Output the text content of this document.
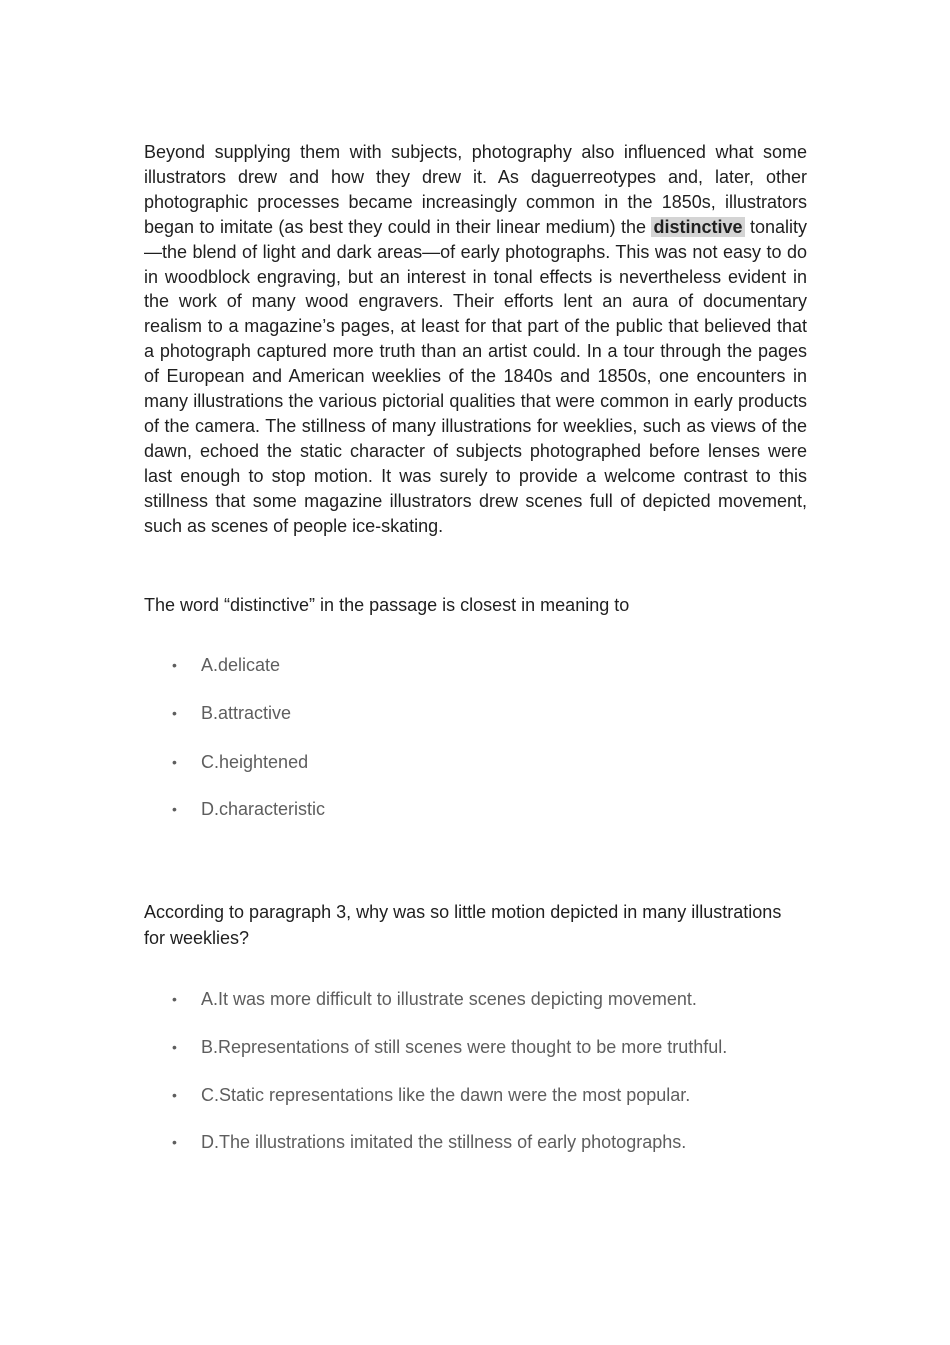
Beyond supplying them with subjects, photography also influenced what some illustrators drew and how they drew it. As daguerreotypes and, later, other photographic processes became increasingly common in the 1850s, illustrators began to imitate (as best they could in their linear medium) the distinctive tonality—the blend of light and dark areas—of early photographs. This was not easy to do in woodblock engraving, but an interest in tonal effects is nevertheless evident in the work of many wood engravers. Their efforts lent an aura of documentary realism to a magazine’s pages, at least for that part of the public that believed that a photograph captured more truth than an artist could. In a tour through the pages of European and American weeklies of the 1840s and 1850s, one encounters in many illustrations the various pictorial qualities that were common in early products of the camera. The stillness of many illustrations for weeklies, such as views of the dawn, echoed the static character of subjects photographed before lenses were last enough to stop motion. It was surely to provide a welcome contrast to this stillness that some magazine illustrators drew scenes full of depicted movement, such as scenes of people ice-skating.

The word “distinctive” in the passage is closest in meaning to

• A.delicate
• B.attractive
• C.heightened
• D.characteristic

According to paragraph 3, why was so little motion depicted in many illustrations for weeklies?

• A.It was more difficult to illustrate scenes depicting movement.
• B.Representations of still scenes were thought to be more truthful.
• C.Static representations like the dawn were the most popular.
• D.The illustrations imitated the stillness of early photographs.
